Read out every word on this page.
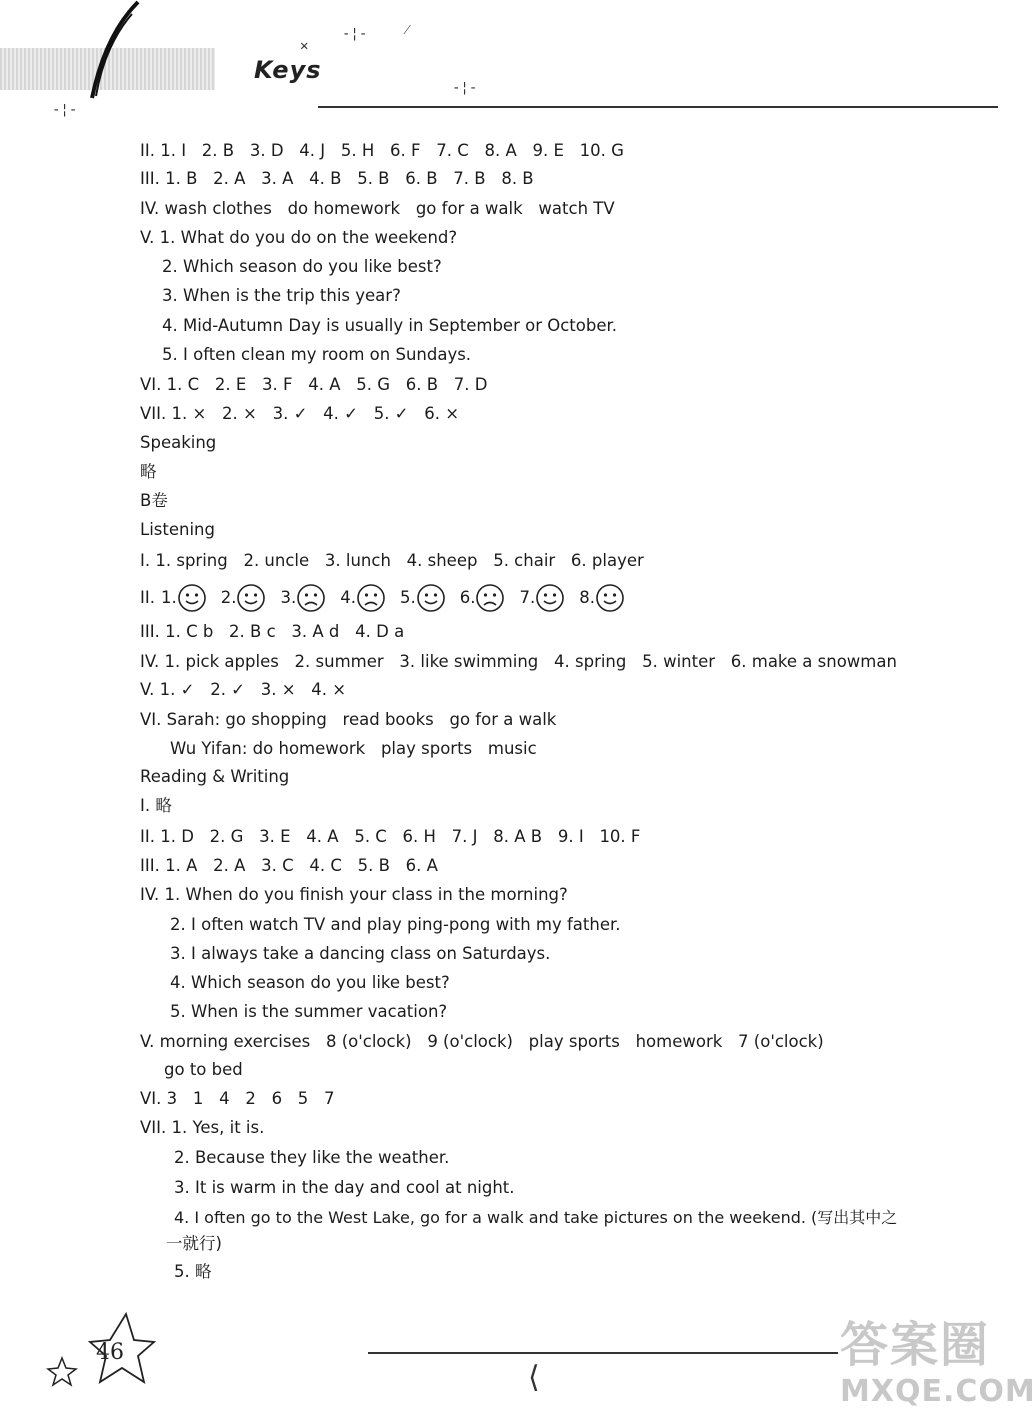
Keys
✕
-¦-	⁄
-¦-
-¦-
II. 1. I   2. B   3. D   4. J   5. H   6. F   7. C   8. A   9. E   10. G
III. 1. B   2. A   3. A   4. B   5. B   6. B   7. B   8. B
IV. wash clothes   do homework   go for a walk   watch TV
V. 1. What do you do on the weekend?
2. Which season do you like best?
3. When is the trip this year?
4. Mid-Autumn Day is usually in September or October.
5. I often clean my room on Sundays.
VI. 1. C   2. E   3. F   4. A   5. G   6. B   7. D
VII. 1. ×   2. ×   3. ✓   4. ✓   5. ✓   6. ×
Speaking
略
B卷
Listening
I. 1. spring   2. uncle   3. lunch   4. sheep   5. chair   6. player
II. 1.	2.	3.	4.	5.	6.	7.	8.
III. 1. C b   2. B c   3. A d   4. D a
IV. 1. pick apples   2. summer   3. like swimming   4. spring   5. winter   6. make a snowman
V. 1. ✓   2. ✓   3. ×   4. ×
VI. Sarah: go shopping   read books   go for a walk
Wu Yifan: do homework   play sports   music
Reading & Writing
I. 略
II. 1. D   2. G   3. E   4. A   5. C   6. H   7. J   8. A B   9. I   10. F
III. 1. A   2. A   3. C   4. C   5. B   6. A
IV. 1. When do you finish your class in the morning?
2. I often watch TV and play ping-pong with my father.
3. I always take a dancing class on Saturdays.
4. Which season do you like best?
5. When is the summer vacation?
V. morning exercises   8 (o'clock)   9 (o'clock)   play sports   homework   7 (o'clock)
go to bed
VI. 3   1   4   2   6   5   7
VII. 1. Yes, it is.
2. Because they like the weather.
3. It is warm in the day and cool at night.
4. I often go to the West Lake, go for a walk and take pictures on the weekend. (写出其中之
一就行)
5. 略
46
⟨
答案圈
MXQE.COM
